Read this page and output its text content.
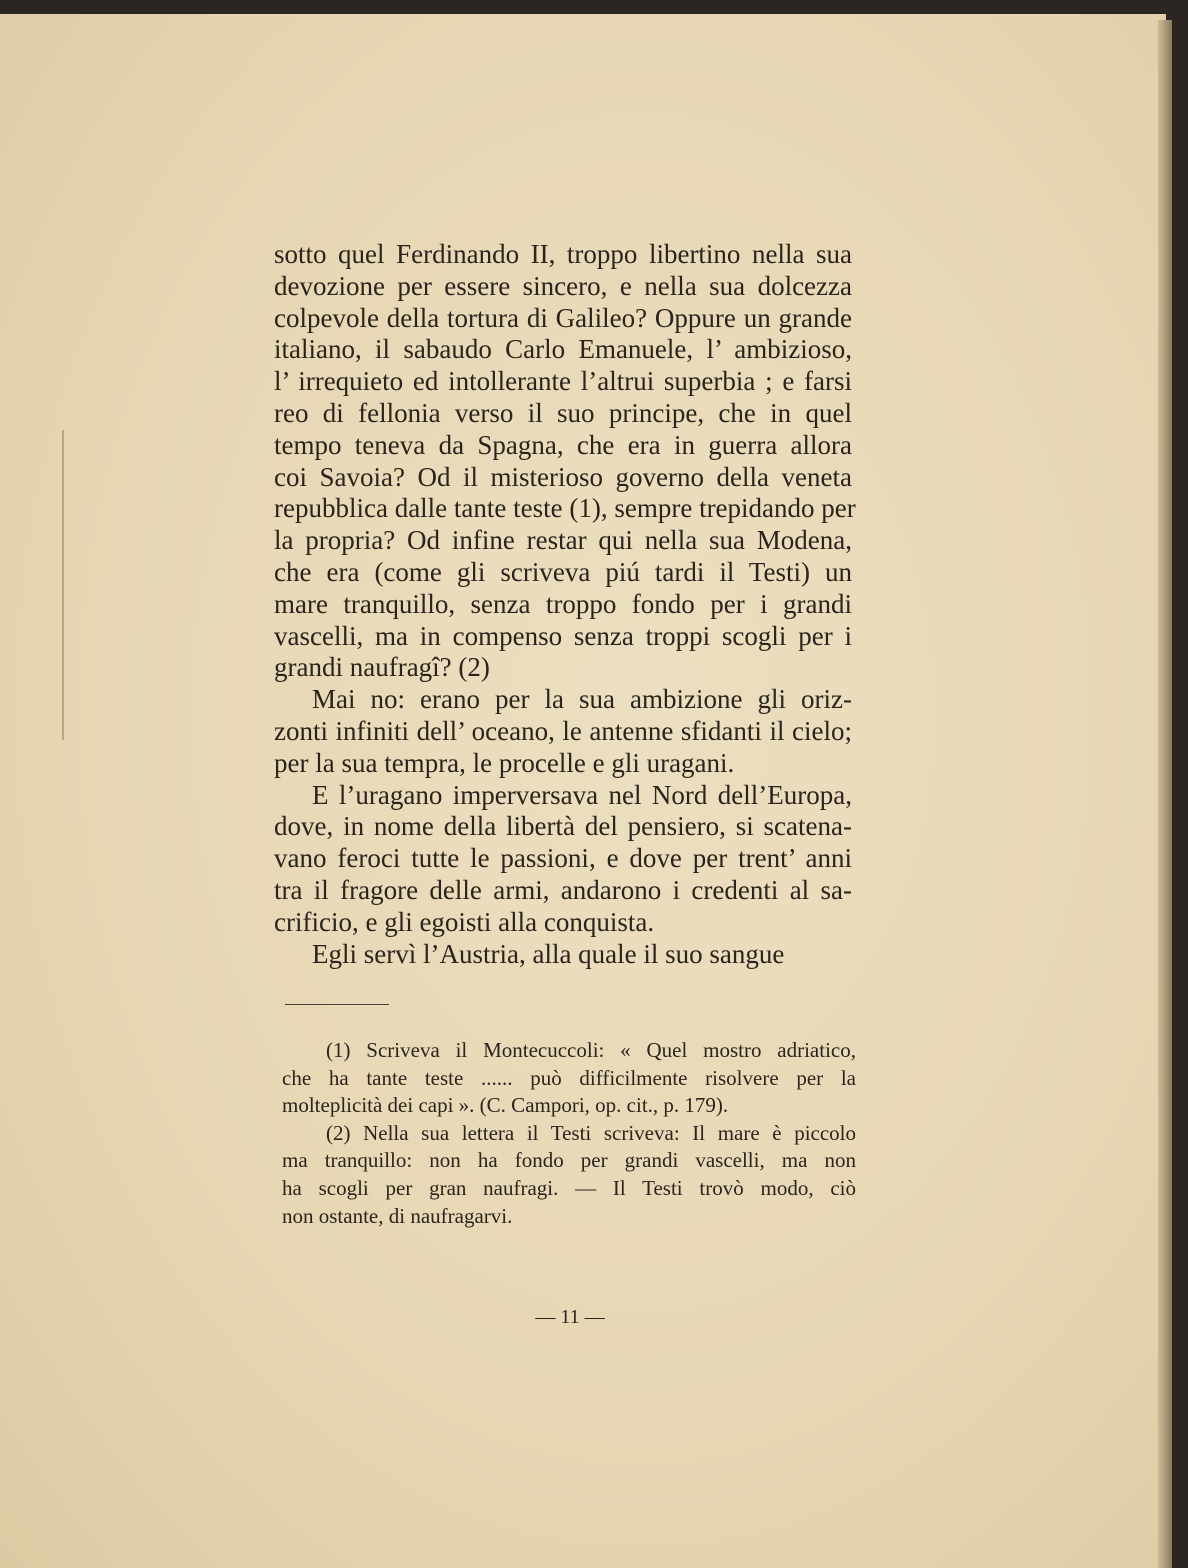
sotto quel Ferdinando II, troppo libertino nella sua
devozione per essere sincero, e nella sua dolcezza
colpevole della tortura di Galileo? Oppure un grande
italiano, il sabaudo Carlo Emanuele, l’ ambizioso,
l’ irrequieto ed intollerante l’altrui superbia ; e farsi
reo di fellonia verso il suo principe, che in quel
tempo teneva da Spagna, che era in guerra allora
coi Savoia? Od il misterioso governo della veneta
repubblica dalle tante teste (1), sempre trepidando per
la propria? Od infine restar qui nella sua Modena,
che era (come gli scriveva piú tardi il Testi) un
mare tranquillo, senza troppo fondo per i grandi
vascelli, ma in compenso senza troppi scogli per i
grandi naufragî? (2)
Mai no: erano per la sua ambizione gli oriz-
zonti infiniti dell’ oceano, le antenne sfidanti il cielo;
per la sua tempra, le procelle e gli uragani.
E l’uragano imperversava nel Nord dell’Europa,
dove, in nome della libertà del pensiero, si scatena-
vano feroci tutte le passioni, e dove per trent’ anni
tra il fragore delle armi, andarono i credenti al sa-
crificio, e gli egoisti alla conquista.
Egli servì l’Austria, alla quale il suo sangue
(1) Scriveva il Montecuccoli: « Quel mostro adriatico,
che ha tante teste ...... può difficilmente risolvere per la
molteplicità dei capi ». (C. Campori, op. cit., p. 179).
(2) Nella sua lettera il Testi scriveva: Il mare è piccolo
ma tranquillo: non ha fondo per grandi vascelli, ma non
ha scogli per gran naufragi. — Il Testi trovò modo, ciò
non ostante, di naufragarvi.
— 11 —
